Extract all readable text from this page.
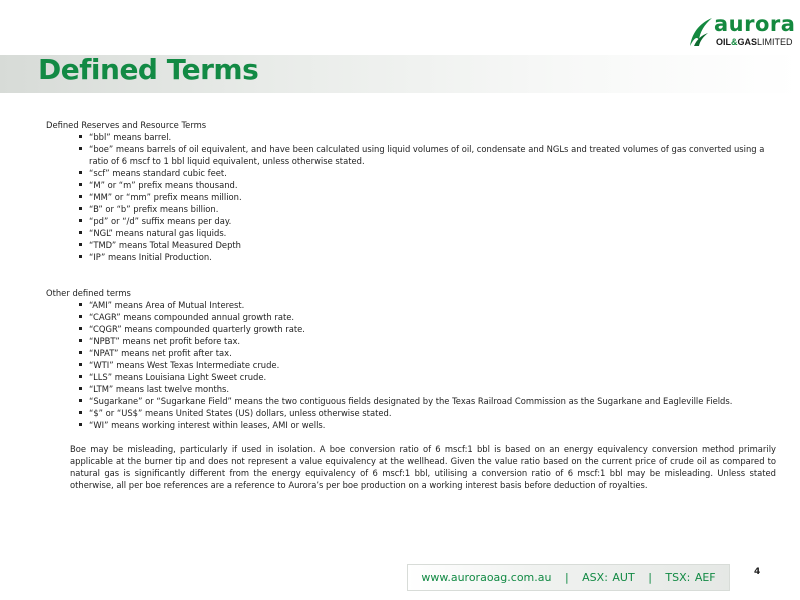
Defined Terms
aurora
OIL&GASLIMITED

Defined Reserves and Resource Terms

“bbl” means barrel.
“boe” means barrels of oil equivalent, and have been calculated using liquid volumes of oil, condensate and NGLs and treated volumes of gas converted using a ratio of 6 mscf to 1 bbl liquid equivalent, unless otherwise stated.
“scf” means standard cubic feet.
“M” or “m” prefix means thousand.
“MM” or “mm” prefix means million.
“B” or “b” prefix means billion.
“pd” or “/d” suffix means per day.
“NGL” means natural gas liquids.
“TMD” means Total Measured Depth
“IP” means Initial Production.

Other defined terms

“AMI” means Area of Mutual Interest.
“CAGR” means compounded annual growth rate.
“CQGR” means compounded quarterly growth rate.
“NPBT” means net profit before tax.
“NPAT” means net profit after tax.
“WTI” means West Texas Intermediate crude.
“LLS” means Louisiana Light Sweet crude.
“LTM” means last twelve months.
“Sugarkane” or “Sugarkane Field” means the two contiguous fields designated by the Texas Railroad Commission as the Sugarkane and Eagleville Fields.
“$” or “US$” means United States (US) dollars, unless otherwise stated.
“WI” means working interest within leases, AMI or wells.

Boe may be misleading, particularly if used in isolation. A boe conversion ratio of 6 mscf:1 bbl is based on an energy equivalency conversion method primarily applicable at the burner tip and does not represent a value equivalency at the wellhead. Given the value ratio based on the current price of crude oil as compared to natural gas is significantly different from the energy equivalency of 6 mscf:1 bbl, utilising a conversion ratio of 6 mscf:1 bbl may be misleading. Unless stated otherwise, all per boe references are a reference to Aurora’s per boe production on a working interest basis before deduction of royalties.

www.auroraoag.com.au   |   ASX: AUT   |   TSX: AEF	4
